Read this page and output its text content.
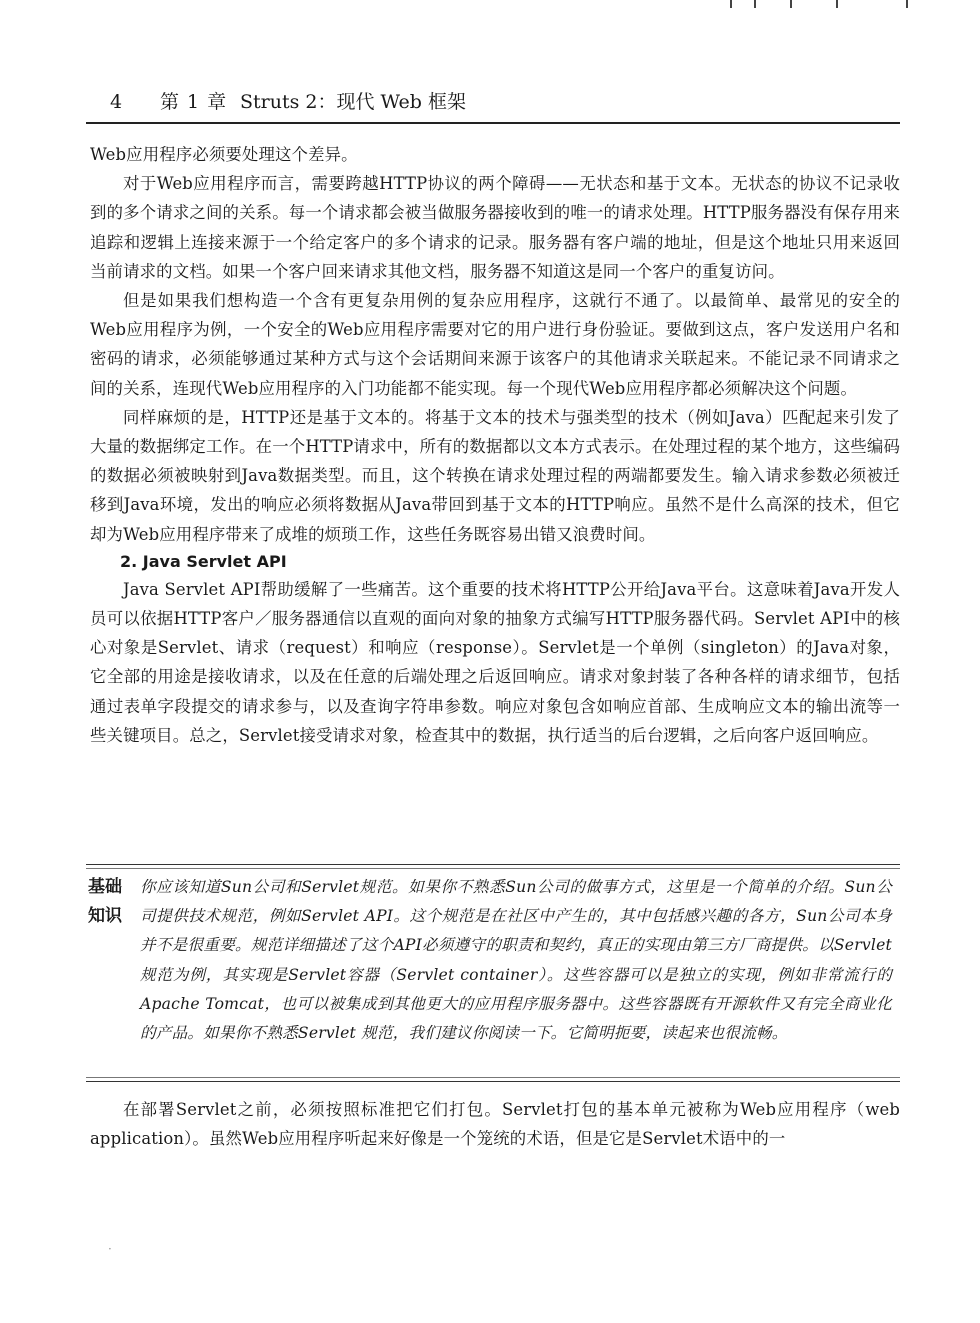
4 第 1 章 Struts 2：现代 Web 框架

Web应用程序必须要处理这个差异。

对于Web应用程序而言，需要跨越HTTP协议的两个障碍——无状态和基于文本。无状态的协议不记录收到的多个请求之间的关系。每一个请求都会被当做服务器接收到的唯一的请求处理。HTTP服务器没有保存用来追踪和逻辑上连接来源于一个给定客户的多个请求的记录。服务器有客户端的地址，但是这个地址只用来返回当前请求的文档。如果一个客户回来请求其他文档，服务器不知道这是同一个客户的重复访问。

但是如果我们想构造一个含有更复杂用例的复杂应用程序，这就行不通了。以最简单、最常见的安全的Web应用程序为例，一个安全的Web应用程序需要对它的用户进行身份验证。要做到这点，客户发送用户名和密码的请求，必须能够通过某种方式与这个会话期间来源于该客户的其他请求关联起来。不能记录不同请求之间的关系，连现代Web应用程序的入门功能都不能实现。每一个现代Web应用程序都必须解决这个问题。

同样麻烦的是，HTTP还是基于文本的。将基于文本的技术与强类型的技术（例如Java）匹配起来引发了大量的数据绑定工作。在一个HTTP请求中，所有的数据都以文本方式表示。在处理过程的某个地方，这些编码的数据必须被映射到Java数据类型。而且，这个转换在请求处理过程的两端都要发生。输入请求参数必须被迁移到Java环境，发出的响应必须将数据从Java带回到基于文本的HTTP响应。虽然不是什么高深的技术，但它却为Web应用程序带来了成堆的烦琐工作，这些任务既容易出错又浪费时间。

2. Java Servlet API

Java Servlet API帮助缓解了一些痛苦。这个重要的技术将HTTP公开给Java平台。这意味着Java开发人员可以依据HTTP客户／服务器通信以直观的面向对象的抽象方式编写HTTP服务器代码。Servlet API中的核心对象是Servlet、请求（request）和响应（response）。Servlet是一个单例（singleton）的Java对象，它全部的用途是接收请求，以及在任意的后端处理之后返回响应。请求对象封装了各种各样的请求细节，包括通过表单字段提交的请求参与，以及查询字符串参数。响应对象包含如响应首部、生成响应文本的输出流等一些关键项目。总之，Servlet接受请求对象，检查其中的数据，执行适当的后台逻辑，之后向客户返回响应。

基础
知识

你应该知道Sun公司和Servlet规范。如果你不熟悉Sun公司的做事方式，这里是一个简单的介绍。Sun公司提供技术规范，例如Servlet API。这个规范是在社区中产生的，其中包括感兴趣的各方，Sun公司本身并不是很重要。规范详细描述了这个API必须遵守的职责和契约，真正的实现由第三方厂商提供。以Servlet规范为例，其实现是Servlet容器（Servlet container）。这些容器可以是独立的实现，例如非常流行的Apache Tomcat，也可以被集成到其他更大的应用程序服务器中。这些容器既有开源软件又有完全商业化的产品。如果你不熟悉Servlet 规范，我们建议你阅读一下。它简明扼要，读起来也很流畅。

在部署Servlet之前，必须按照标准把它们打包。Servlet打包的基本单元被称为Web应用程序（web application）。虽然Web应用程序听起来好像是一个笼统的术语，但是它是Servlet术语中的一

·
